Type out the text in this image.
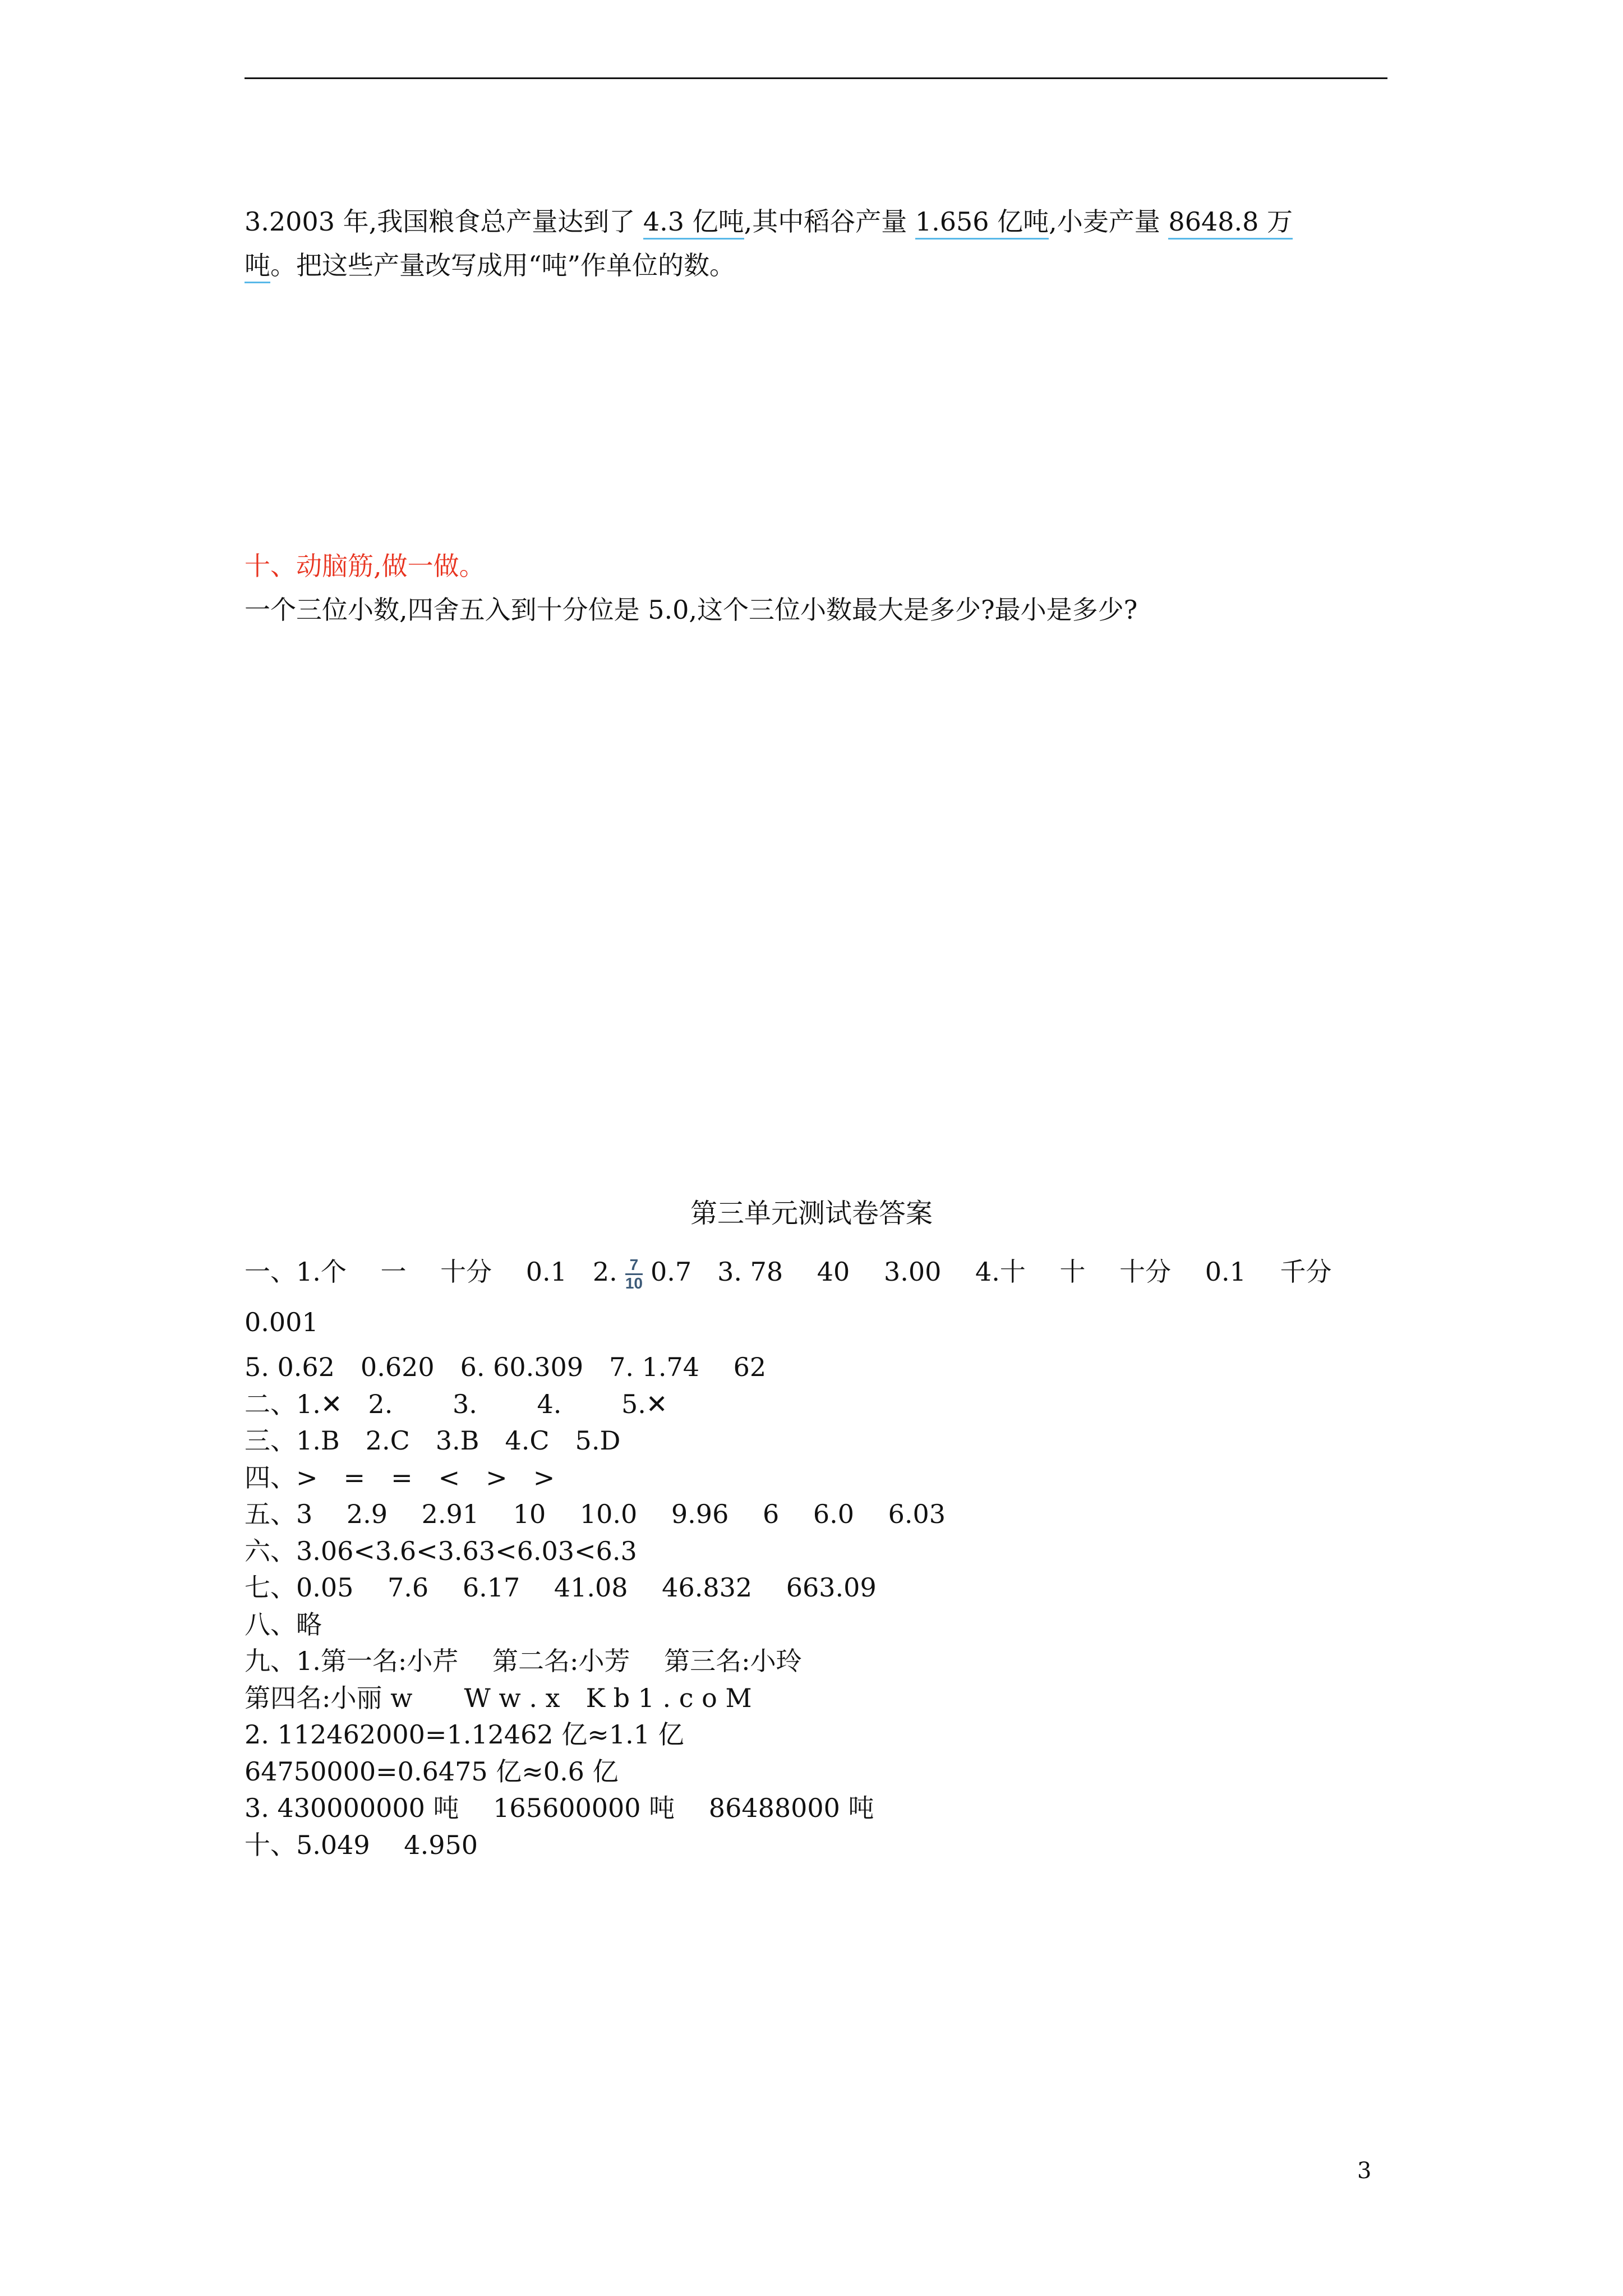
3.2003 年,我国粮食总产量达到了 4.3 亿吨,其中稻谷产量 1.656 亿吨,小麦产量 8648.8 万
吨。把这些产量改写成用“吨”作单位的数。
十、动脑筋,做一做。
一个三位小数,四舍五入到十分位是 5.0,这个三位小数最大是多少?最小是多少?
第三单元测试卷答案
一、1.个　 一　 十分　 0.1　2. $\frac{7}{10} 0.7$　3. 78　 40　 3.00　 4.十　 十　 十分　 0.1　 千分
0.001
5. 0.62　0.620　6. 60.309　7. 1.74　 62
二、1.✕　2.　　 3.　　 4.　　 5.✕
三、1.B　2.C　3.B　4.C　5.D
四、>　=　=　<　>　>
五、3　 2.9　 2.91　 10　 10.0　 9.96　 6　 6.0　 6.03
六、3.06<3.6<3.63<6.03<6.3
七、0.05　 7.6　 6.17　 41.08　 46.832　 663.09
八、略
九、1.第一名:小芹　 第二名:小芳　 第三名:小玲
第四名:小丽 w　　W w . x　K b 1 . c o M
2. 112462000=1.12462 亿≈1.1 亿
64750000=0.6475 亿≈0.6 亿
3. 430000000 吨　 165600000 吨　 86488000 吨
十、5.049　 4.950
3
